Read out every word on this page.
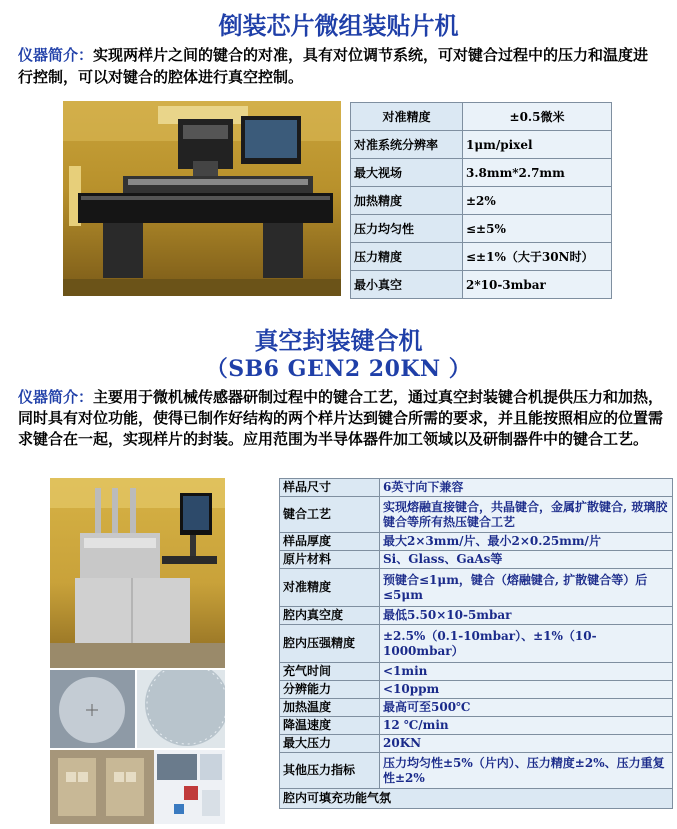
倒装芯片微组装贴片机
仪器简介：实现两样片之间的键合的对准，具有对位调节系统，可对键合过程中的压力和温度进行控制，可以对键合的腔体进行真空控制。
对准精度	±0.5微米
对准系统分辨率	1μm/pixel
最大视场	3.8mm*2.7mm
加热精度	±2%
压力均匀性	≤±5%
压力精度	≤±1%（大于30N时）
最小真空	2*10-3mbar
真空封装键合机
（SB6 GEN2 20KN ）
仪器简介：主要用于微机械传感器研制过程中的键合工艺，通过真空封装键合机提供压力和加热，同时具有对位功能，使得已制作好结构的两个样片达到键合所需的要求，并且能按照相应的位置需求键合在一起，实现样片的封装。应用范围为半导体器件加工领域以及研制器件中的键合工艺。
样品尺寸	6英寸向下兼容
键合工艺	实现熔融直接键合，共晶键合，金属扩散键合, 玻璃胶键合等所有热压键合工艺
样品厚度	最大2×3mm/片、最小2×0.25mm/片
原片材料	Si、Glass、GaAs等
对准精度	预键合≤1μm，键合（熔融键合, 扩散键合等）后≤5μm
腔内真空度	最低5.50×10-5mbar
腔内压强精度	±2.5%（0.1-10mbar）、±1%（10-1000mbar）
充气时间	<1min
分辨能力	<10ppm
加热温度	最高可至500℃
降温速度	12 ℃/min
最大压力	20KN
其他压力指标	压力均匀性±5%（片内）、压力精度±2%、压力重复性±2%
腔内可填充功能气氛	
